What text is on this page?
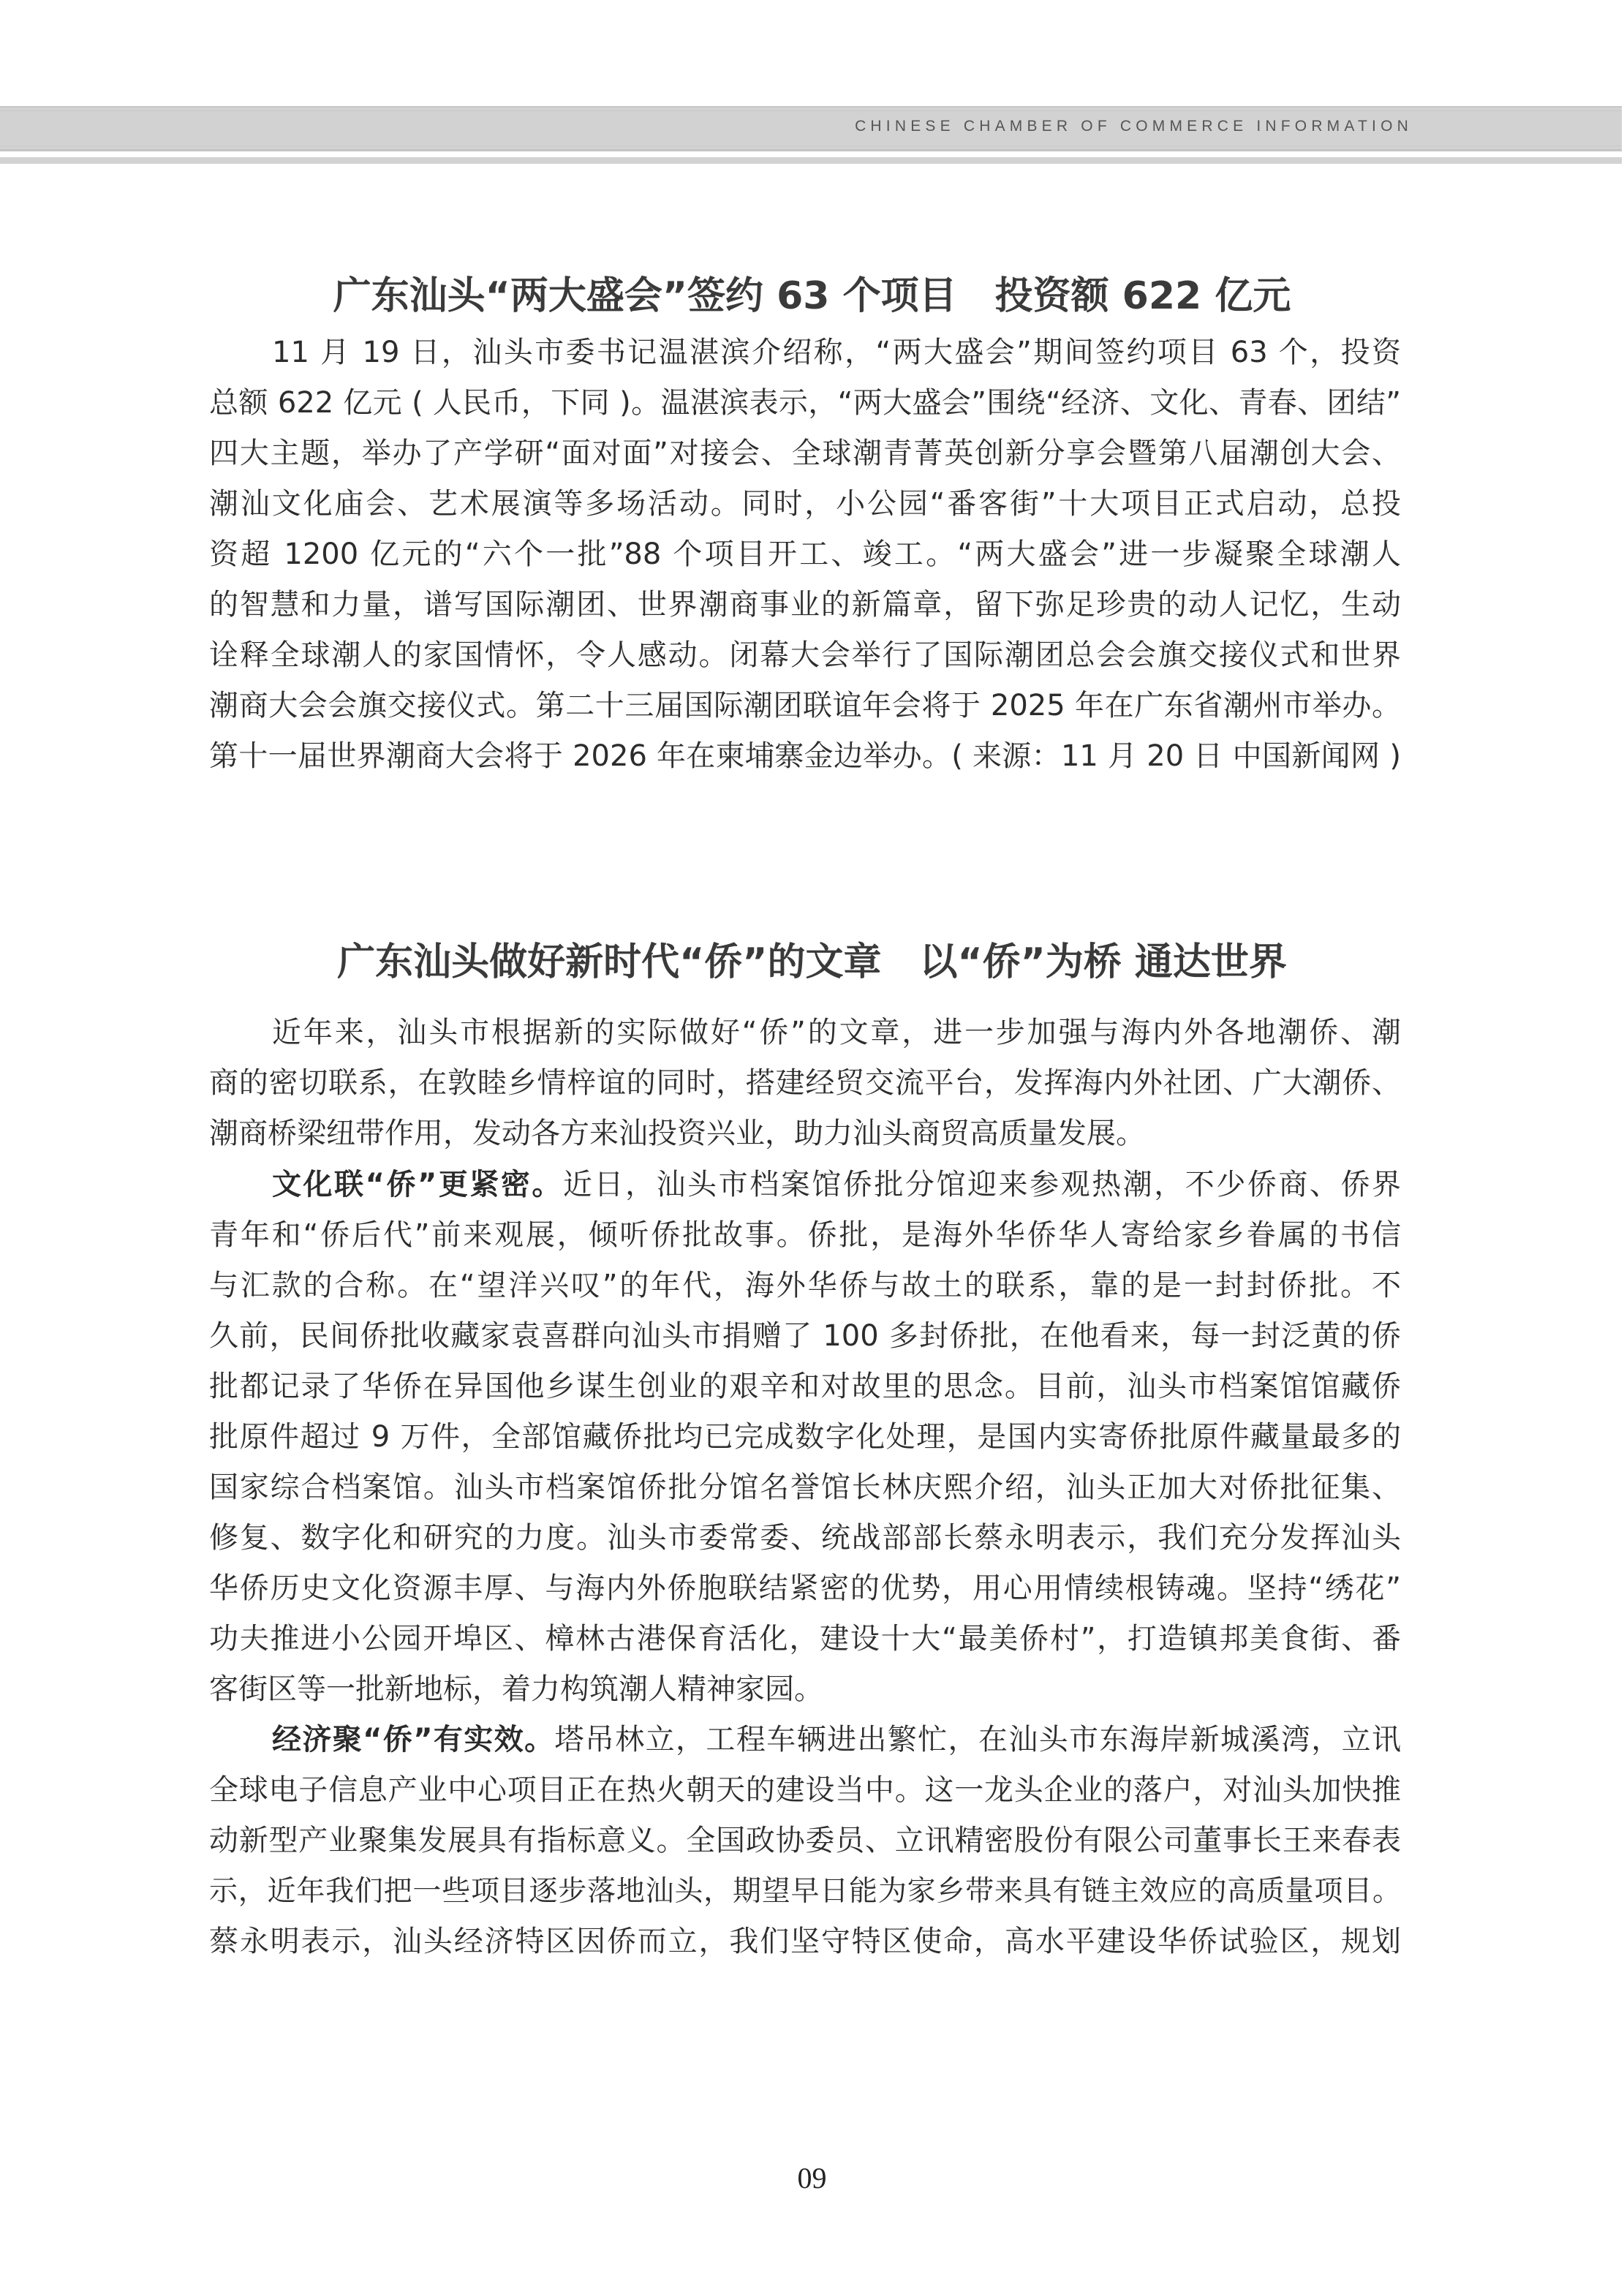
CHINESE CHAMBER OF COMMERCE INFORMATION
广东汕头“两大盛会”签约 63 个项目　投资额 622 亿元
11 月 19 日，汕头市委书记温湛滨介绍称，“两大盛会”期间签约项目 63 个，投资
总额 622 亿元 ( 人民币，下同 )。温湛滨表示，“两大盛会”围绕“经济、文化、青春、团结”
四大主题，举办了产学研“面对面”对接会、全球潮青菁英创新分享会暨第八届潮创大会、
潮汕文化庙会、艺术展演等多场活动。同时，小公园“番客街”十大项目正式启动，总投
资超 1200 亿元的“六个一批”88 个项目开工、竣工。“两大盛会”进一步凝聚全球潮人
的智慧和力量，谱写国际潮团、世界潮商事业的新篇章，留下弥足珍贵的动人记忆，生动
诠释全球潮人的家国情怀，令人感动。闭幕大会举行了国际潮团总会会旗交接仪式和世界
潮商大会会旗交接仪式。第二十三届国际潮团联谊年会将于 2025 年在广东省潮州市举办。
第十一届世界潮商大会将于 2026 年在柬埔寨金边举办。( 来源：11 月 20 日 中国新闻网 )
广东汕头做好新时代“侨”的文章　以“侨”为桥 通达世界
近年来，汕头市根据新的实际做好“侨”的文章，进一步加强与海内外各地潮侨、潮
商的密切联系，在敦睦乡情梓谊的同时，搭建经贸交流平台，发挥海内外社团、广大潮侨、
潮商桥梁纽带作用，发动各方来汕投资兴业，助力汕头商贸高质量发展。
文化联“侨”更紧密。近日，汕头市档案馆侨批分馆迎来参观热潮，不少侨商、侨界
青年和“侨后代”前来观展，倾听侨批故事。侨批，是海外华侨华人寄给家乡眷属的书信
与汇款的合称。在“望洋兴叹”的年代，海外华侨与故土的联系，靠的是一封封侨批。不
久前，民间侨批收藏家袁喜群向汕头市捐赠了 100 多封侨批，在他看来，每一封泛黄的侨
批都记录了华侨在异国他乡谋生创业的艰辛和对故里的思念。目前，汕头市档案馆馆藏侨
批原件超过 9 万件，全部馆藏侨批均已完成数字化处理，是国内实寄侨批原件藏量最多的
国家综合档案馆。汕头市档案馆侨批分馆名誉馆长林庆熙介绍，汕头正加大对侨批征集、
修复、数字化和研究的力度。汕头市委常委、统战部部长蔡永明表示，我们充分发挥汕头
华侨历史文化资源丰厚、与海内外侨胞联结紧密的优势，用心用情续根铸魂。坚持“绣花”
功夫推进小公园开埠区、樟林古港保育活化，建设十大“最美侨村”，打造镇邦美食街、番
客街区等一批新地标，着力构筑潮人精神家园。
经济聚“侨”有实效。塔吊林立，工程车辆进出繁忙，在汕头市东海岸新城溪湾，立讯
全球电子信息产业中心项目正在热火朝天的建设当中。这一龙头企业的落户，对汕头加快推
动新型产业聚集发展具有指标意义。全国政协委员、立讯精密股份有限公司董事长王来春表
示，近年我们把一些项目逐步落地汕头，期望早日能为家乡带来具有链主效应的高质量项目。
蔡永明表示，汕头经济特区因侨而立，我们坚守特区使命，高水平建设华侨试验区，规划
09
